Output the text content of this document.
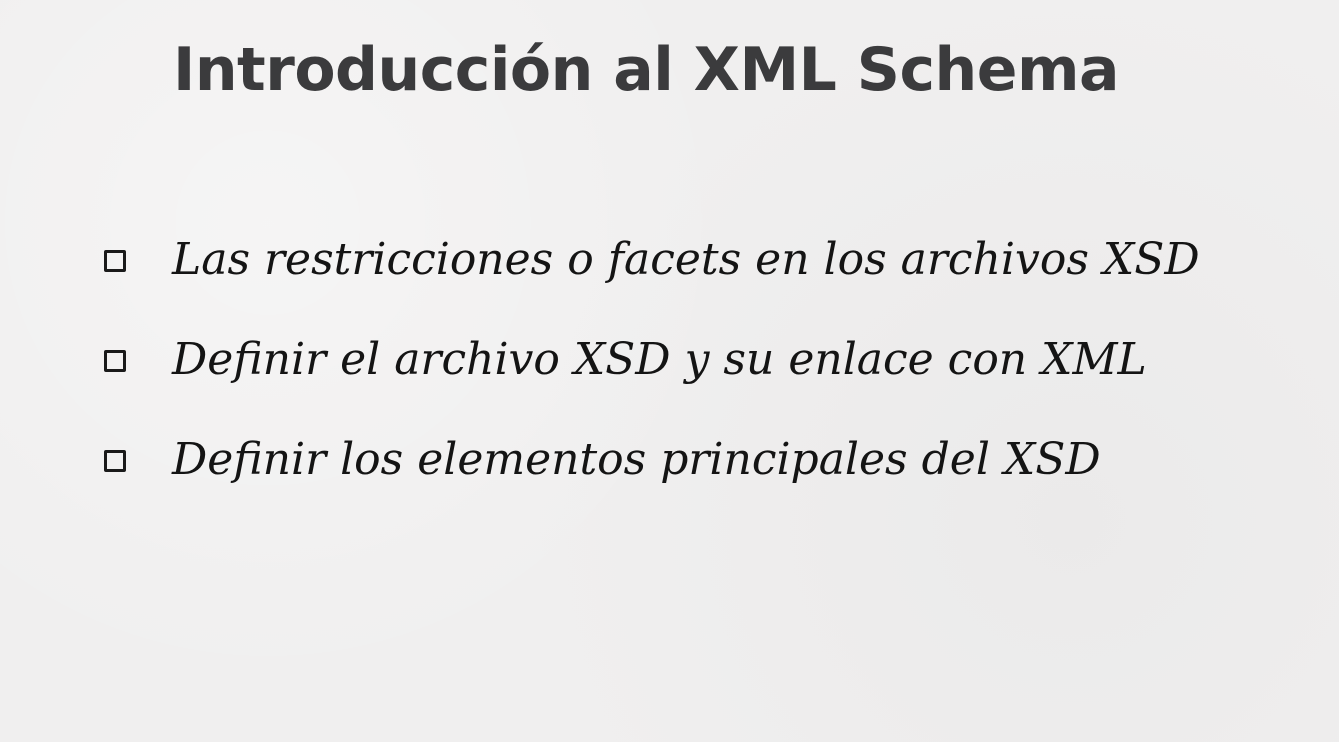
Introducción al XML Schema
Las restricciones o facets en los archivos XSD
Definir el archivo XSD y su enlace con XML
Definir los elementos principales del XSD
